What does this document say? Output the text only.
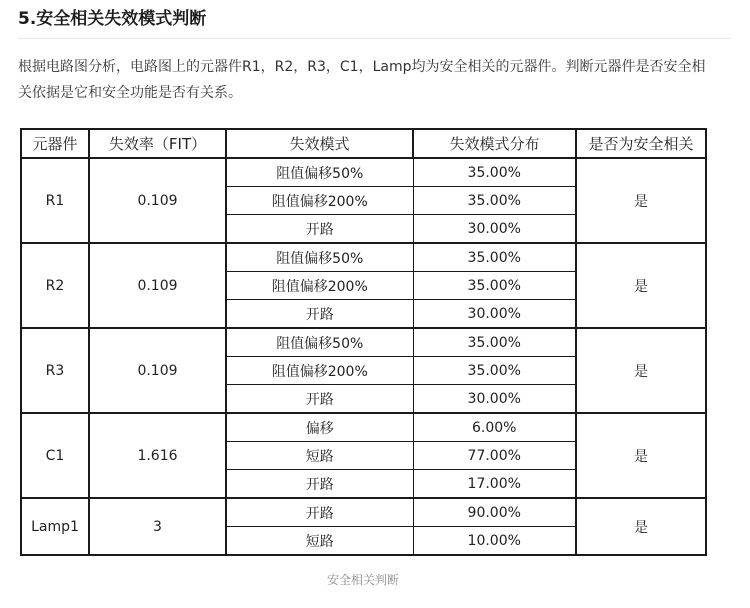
5.安全相关失效模式判断
根据电路图分析，电路图上的元器件R1，R2，R3，C1，Lamp均为安全相关的元器件。判断元器件是否安全相关依据是它和安全功能是否有关系。
元器件	失效率（FIT）	失效模式	失效模式分布	是否为安全相关
R1	0.109	阻值偏移50%	35.00%	是
		阻值偏移200%	35.00%	
		开路	30.00%	
R2	0.109	阻值偏移50%	35.00%	是
		阻值偏移200%	35.00%	
		开路	30.00%	
R3	0.109	阻值偏移50%	35.00%	是
		阻值偏移200%	35.00%	
		开路	30.00%	
C1	1.616	偏移	6.00%	是
		短路	77.00%	
		开路	17.00%	
Lamp1	3	开路	90.00%	是
		短路	10.00%	
安全相关判断
